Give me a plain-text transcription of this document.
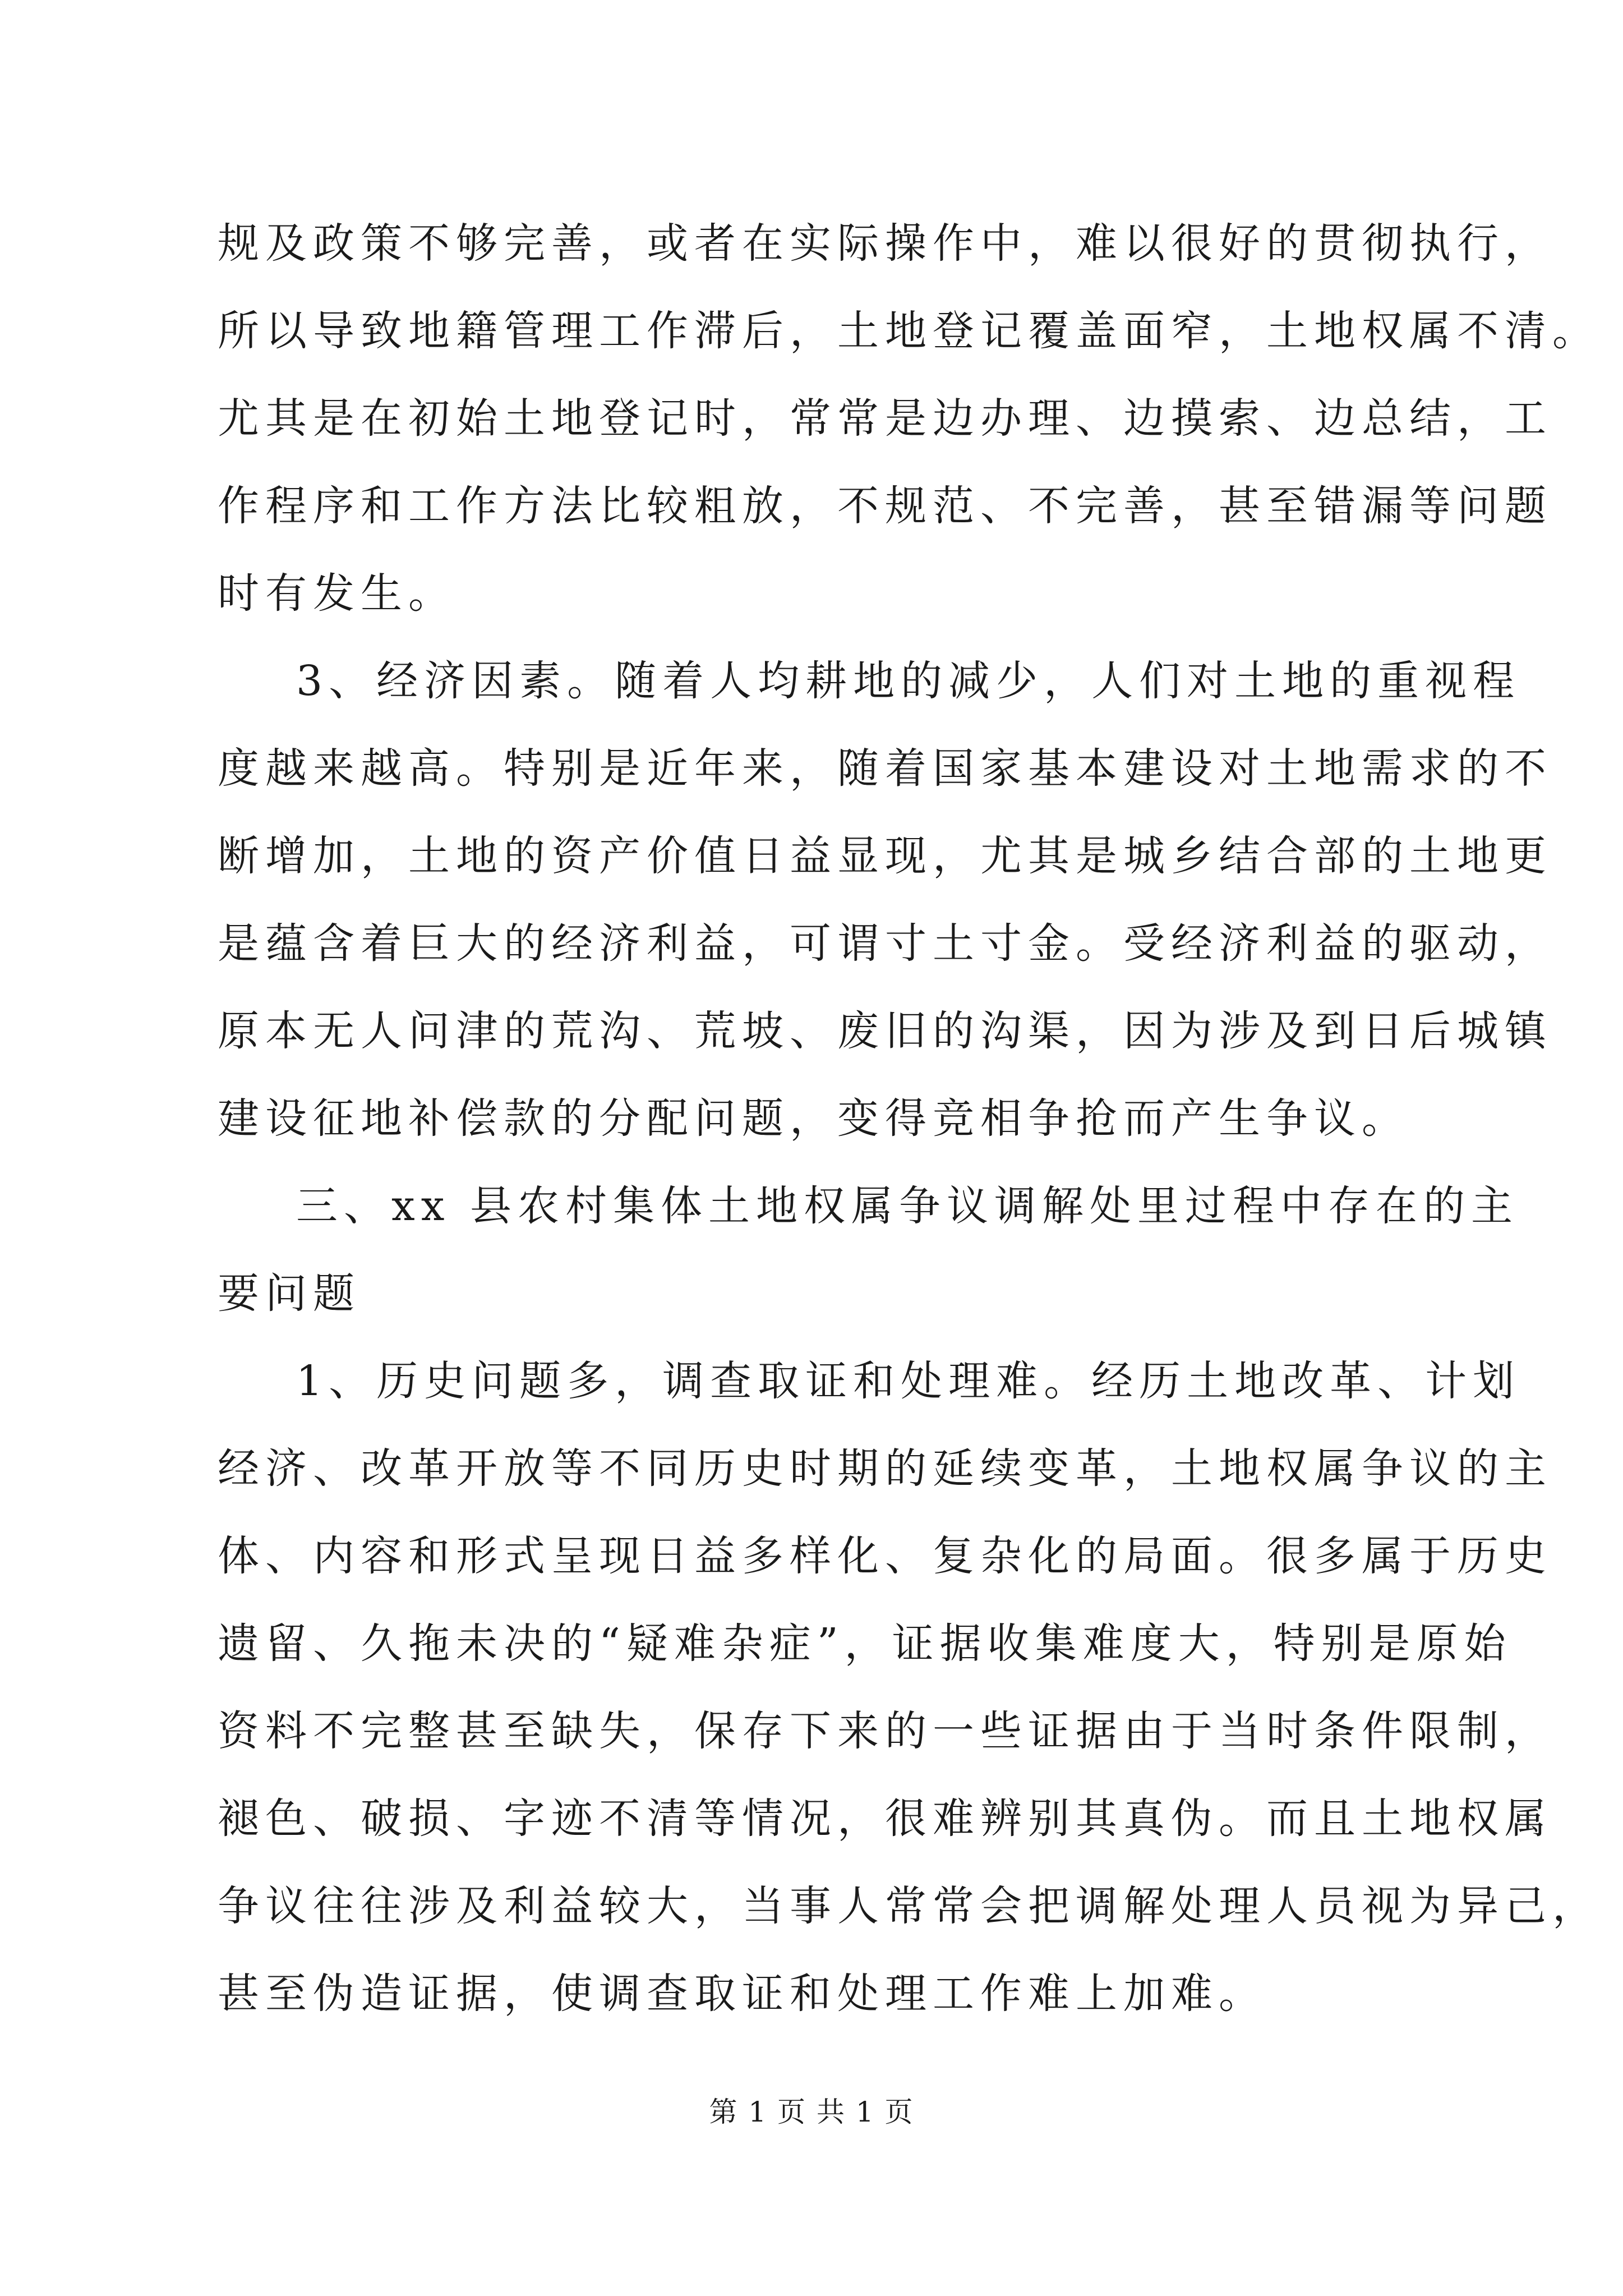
规及政策不够完善，或者在实际操作中，难以很好的贯彻执行，
所以导致地籍管理工作滞后，土地登记覆盖面窄，土地权属不清。
尤其是在初始土地登记时，常常是边办理、边摸索、边总结，工
作程序和工作方法比较粗放，不规范、不完善，甚至错漏等问题
时有发生。
3、经济因素。随着人均耕地的减少，人们对土地的重视程
度越来越高。特别是近年来，随着国家基本建设对土地需求的不
断增加，土地的资产价值日益显现，尤其是城乡结合部的土地更
是蕴含着巨大的经济利益，可谓寸土寸金。受经济利益的驱动，
原本无人问津的荒沟、荒坡、废旧的沟渠，因为涉及到日后城镇
建设征地补偿款的分配问题，变得竞相争抢而产生争议。
三、xx 县农村集体土地权属争议调解处里过程中存在的主
要问题
1、历史问题多，调查取证和处理难。经历土地改革、计划
经济、改革开放等不同历史时期的延续变革，土地权属争议的主
体、内容和形式呈现日益多样化、复杂化的局面。很多属于历史
遗留、久拖未决的“疑难杂症”，证据收集难度大，特别是原始
资料不完整甚至缺失，保存下来的一些证据由于当时条件限制，
褪色、破损、字迹不清等情况，很难辨别其真伪。而且土地权属
争议往往涉及利益较大，当事人常常会把调解处理人员视为异己，
甚至伪造证据，使调查取证和处理工作难上加难。
第 1 页 共 1 页
